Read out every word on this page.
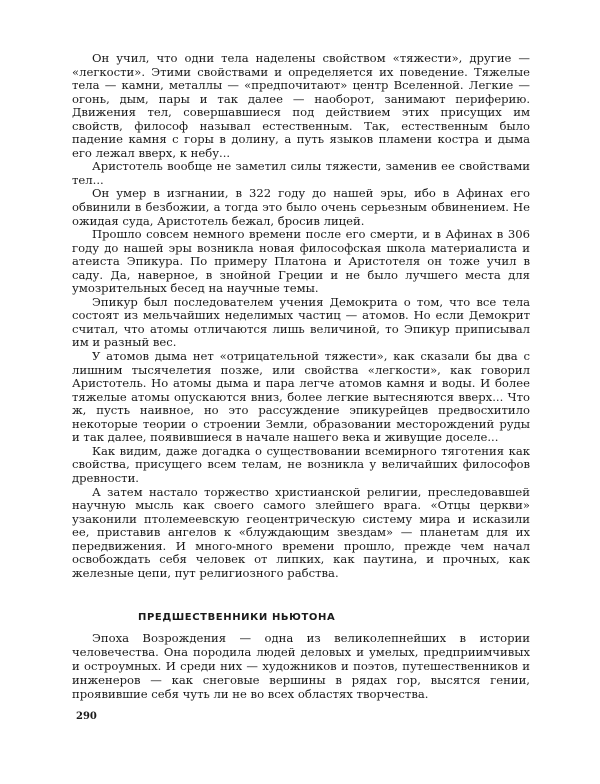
Он учил, что одни тела наделены свойством «тяжести», другие — «легкости». Этими свойствами и определяется их поведение. Тяжелые тела — камни, металлы — «предпочитают» центр Вселенной. Легкие — огонь, дым, пары и так далее — наоборот, занимают периферию. Движения тел, совершавшиеся под действием этих присущих им свойств, философ называл естественным. Так, естественным было падение камня с горы в долину, а путь языков пламени костра и дыма его лежал вверх, к небу...

Аристотель вообще не заметил силы тяжести, заменив ее свойствами тел...

Он умер в изгнании, в 322 году до нашей эры, ибо в Афинах его обвинили в безбожии, а тогда это было очень серьезным обвинением. Не ожидая суда, Аристотель бежал, бросив лицей.

Прошло совсем немного времени после его смерти, и в Афинах в 306 году до нашей эры возникла новая философская школа материалиста и атеиста Эпикура. По примеру Платона и Аристотеля он тоже учил в саду. Да, наверное, в знойной Греции и не было лучшего места для умозрительных бесед на научные темы.

Эпикур был последователем учения Демокрита о том, что все тела состоят из мельчайших неделимых частиц — атомов. Но если Демокрит считал, что атомы отличаются лишь величиной, то Эпикур приписывал им и разный вес.

У атомов дыма нет «отрицательной тяжести», как сказали бы два с лишним тысячелетия позже, или свойства «легкости», как говорил Аристотель. Но атомы дыма и пара легче атомов камня и воды. И более тяжелые атомы опускаются вниз, более легкие вытесняются вверх... Что ж, пусть наивное, но это рассуждение эпикурейцев предвосхитило некоторые теории о строении Земли, образовании месторождений руды и так далее, появившиеся в начале нашего века и живущие доселе...

Как видим, даже догадка о существовании всемирного тяготения как свойства, присущего всем телам, не возникла у величайших философов древности.

А затем настало торжество христианской религии, преследовавшей научную мысль как своего самого злейшего врага. «Отцы церкви» узаконили птолемеевскую геоцентрическую систему мира и исказили ее, приставив ангелов к «блуждающим звездам» — планетам для их передвижения. И много-много времени прошло, прежде чем начал освобождать себя человек от липких, как паутина, и прочных, как железные цепи, пут религиозного рабства.

ПРЕДШЕСТВЕННИКИ НЬЮТОНА

Эпоха Возрождения — одна из великолепнейших в истории человечества. Она породила людей деловых и умелых, предприимчивых и остроумных. И среди них — художников и поэтов, путешественников и инженеров — как снеговые вершины в рядах гор, высятся гении, проявившие себя чуть ли не во всех областях творчества.

290
